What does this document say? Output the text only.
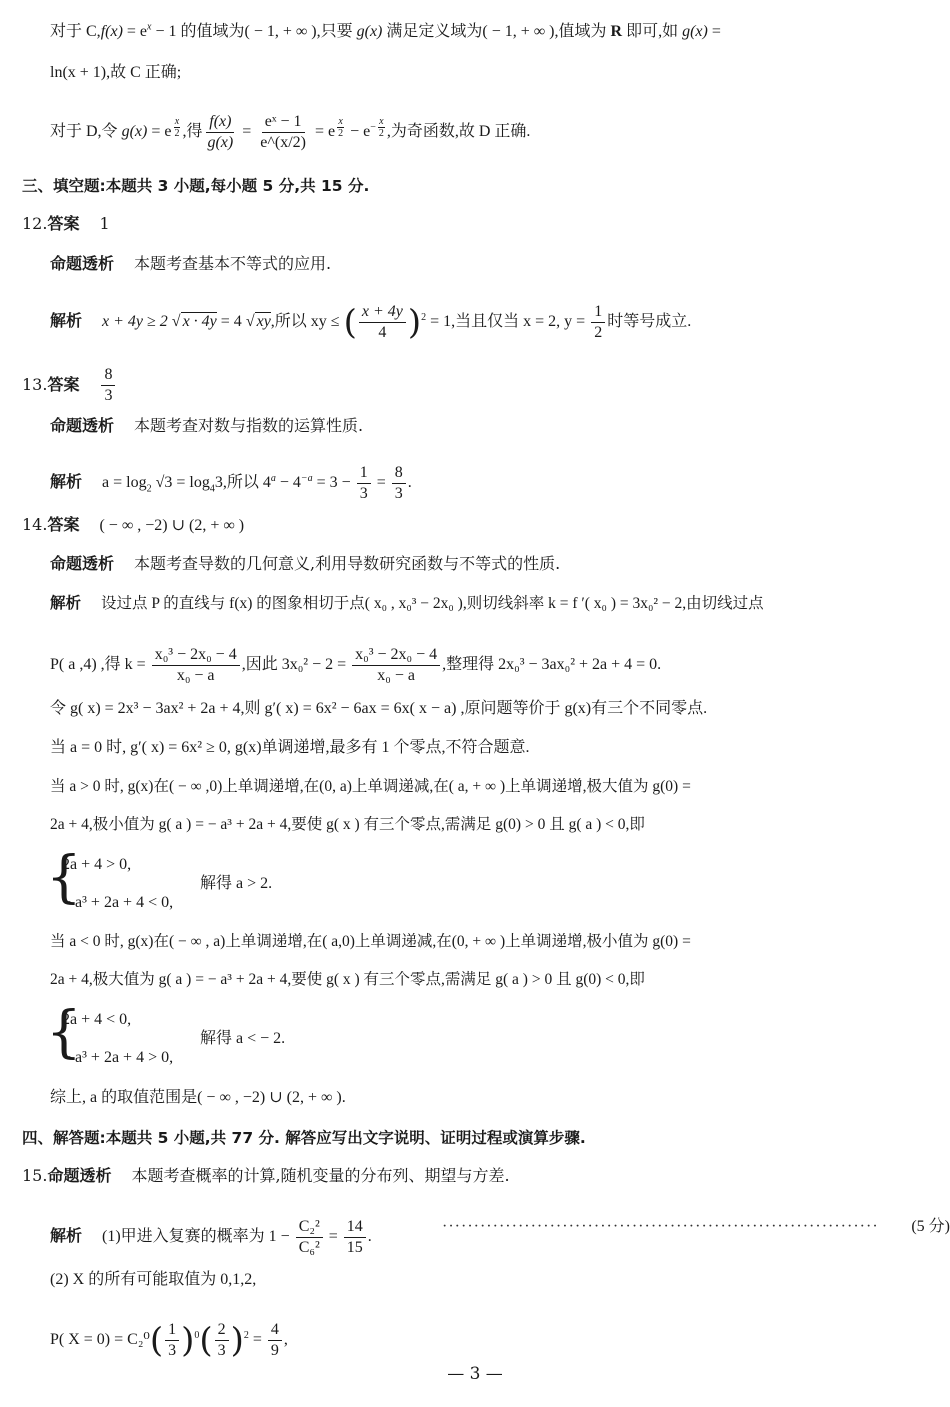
对于 $C,f(x) = e^x - 1$ 的值域为( − 1, + ∞ ),只要 g(x) 满足定义域为( − 1, + ∞ ),值域为 R 即可,如 g(x) =
ln(x + 1),故 C 正确;
对于 D,令 g(x) = e $^{\frac{x}{2}}$ ,得 $\frac{f(x)}{g(x)} = \frac{\text{eˣ − 1}}{e\^{}(x/2)} = e$ $^{\frac{x}{2}} - e^{- \frac{x}{2}}$ ,为奇函数,故 D 正确.
三、填空题:本题共 3 小题,每小题 5 分,共 15 分.
12.答案 1
命题透析 本题考查基本不等式的应用.
解析 x + 4y ≥ 2 √ x · 4y = 4 √ xy,所以 xy ≤ ( $\frac{x + 4y}{4} )^2 = 1$,当且仅当 x = 2, $y = \frac{1}{2}$ 时等号成立.
13.答案 $\frac{8}{3}$
命题透析 本题考查对数与指数的运算性质.
解析 $a = \log_2 √3 = \log_43$,所以 $4^a - 4^{-a} = 3 - \frac{1}{3} = \frac{8}{3}$ .
14.答案 ( − ∞ , −2) ∪ (2, + ∞ )
命题透析 本题考查导数的几何意义,利用导数研究函数与不等式的性质.
解析 设过点 P 的直线与 f(x) 的图象相切于点( x₀ , x₀³ − 2x₀ ),则切线斜率 k = f ′( x₀ ) = 3x₀² − 2,由切线过点
P( a ,4) ,得 $k = \frac{\text{x₀³ − 2x₀ − 4}}{\text{x₀ − a}}$ ,因此 $3x_0^2 - 2 = \frac{\text{x₀³ − 2x₀ − 4}}{\text{x₀ − a}}$ ,整理得 2x₀³ − 3ax₀² + 2a + 4 = 0.
令 g( x) = 2x³ − 3ax² + 2a + 4,则 g′( x) = 6x² − 6ax = 6x( x − a) ,原问题等价于 g(x)有三个不同零点.
当 a = 0 时, g′( x) = 6x² ≥ 0, g(x)单调递增,最多有 1 个零点,不符合题意.
当 a > 0 时, g(x)在( − ∞ ,0)上单调递增,在(0, a)上单调递减,在( a, + ∞ )上单调递增,极大值为 g(0) =
2a + 4,极小值为 g( a ) = − a³ + 2a + 4,要使 g( x ) 有三个零点,需满足 g(0) > 0 且 g( a ) < 0,即
{
2a + 4 > 0,
− a³ + 2a + 4 < 0,
解得 a > 2.
当 a < 0 时, g(x)在( − ∞ , a)上单调递增,在( a,0)上单调递减,在(0, + ∞ )上单调递增,极小值为 g(0) =
2a + 4,极大值为 g( a ) = − a³ + 2a + 4,要使 g( x ) 有三个零点,需满足 g( a ) > 0 且 g(0) < 0,即
{
2a + 4 < 0,
− a³ + 2a + 4 > 0,
解得 a < − 2.
综上, a 的取值范围是( − ∞ , −2) ∪ (2, + ∞ ).
四、解答题:本题共 5 小题,共 77 分. 解答应写出文字说明、证明过程或演算步骤.
15.命题透析 本题考查概率的计算,随机变量的分布列、期望与方差.
解析 (1)甲进入复赛的概率为 $1 - \frac{\text{C₂²}}{\text{C₆²}} = \frac{14}{15}$ .
····································································· (5 分)
(2) X 的所有可能取值为 0,1,2,
P( $X = 0) = C_2^0( \frac{1}{3} )^0( \frac{2}{3} )^2 = \frac{4}{9}$ ,
— 3 —
